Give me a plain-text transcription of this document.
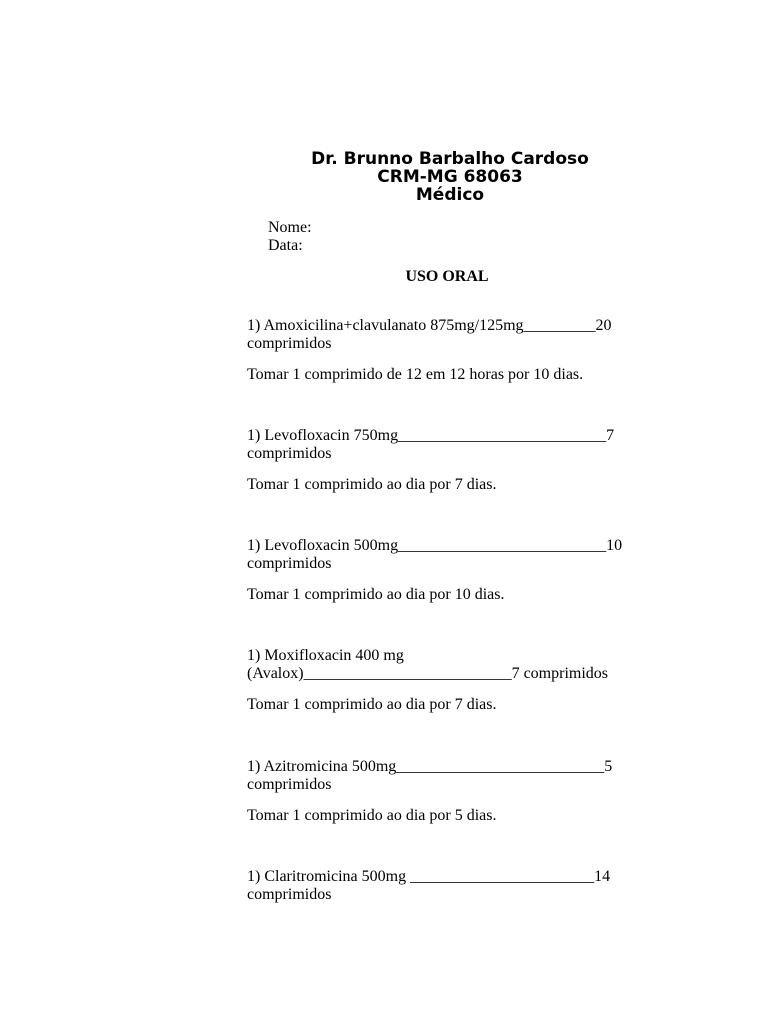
Dr. Brunno Barbalho Cardoso
CRM-MG 68063
Médico
Nome:
Data:
USO ORAL
1) Amoxicilina+clavulanato 875mg/125mg_________20
comprimidos
Tomar 1 comprimido de 12 em 12 horas por 10 dias.
1) Levofloxacin 750mg__________________________7
comprimidos
Tomar 1 comprimido ao dia por 7 dias.
1) Levofloxacin 500mg__________________________10
comprimidos
Tomar 1 comprimido ao dia por 10 dias.
1) Moxifloxacin 400 mg
(Avalox)__________________________7 comprimidos
Tomar 1 comprimido ao dia por 7 dias.
1) Azitromicina 500mg__________________________5
comprimidos
Tomar 1 comprimido ao dia por 5 dias.
1) Claritromicina 500mg _______________________14
comprimidos
